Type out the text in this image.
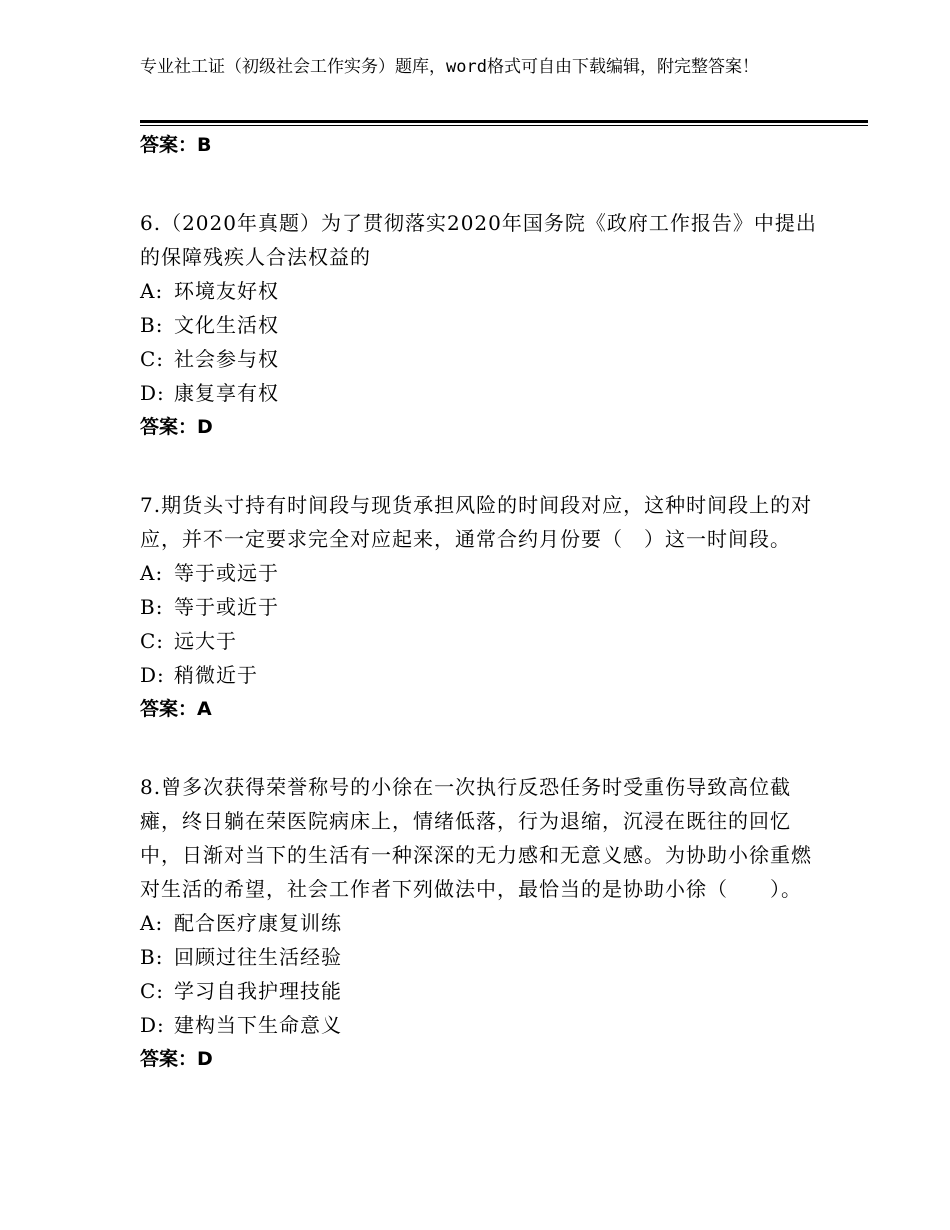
专业社工证（初级社会工作实务）题库，word格式可自由下载编辑，附完整答案！

答案：B

6.（2020年真题）为了贯彻落实2020年国务院《政府工作报告》中提出的保障残疾人合法权益的

A: 环境友好权

B: 文化生活权

C: 社会参与权

D: 康复享有权

答案：D

7.期货头寸持有时间段与现货承担风险的时间段对应，这种时间段上的对应，并不一定要求完全对应起来，通常合约月份要（　）这一时间段。

A: 等于或远于

B: 等于或近于

C: 远大于

D: 稍微近于

答案：A

8.曾多次获得荣誉称号的小徐在一次执行反恐任务时受重伤导致高位截瘫，终日躺在荣医院病床上，情绪低落，行为退缩，沉浸在既往的回忆中，日渐对当下的生活有一种深深的无力感和无意义感。为协助小徐重燃对生活的希望，社会工作者下列做法中，最恰当的是协助小徐（　　）。

A: 配合医疗康复训练

B: 回顾过往生活经验

C: 学习自我护理技能

D: 建构当下生命意义

答案：D
